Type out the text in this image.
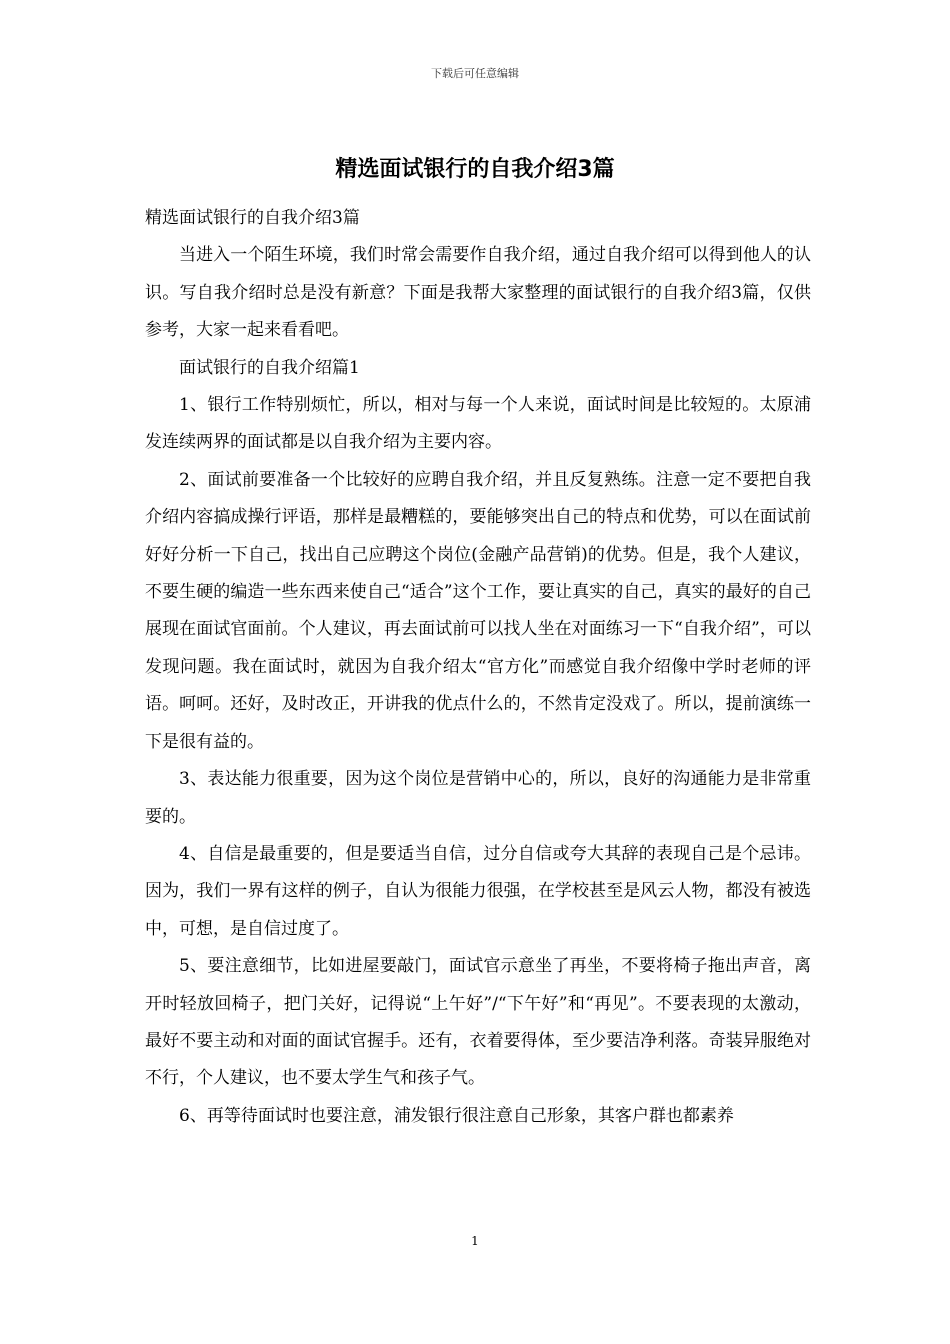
下载后可任意编辑
精选面试银行的自我介绍3篇

精选面试银行的自我介绍3篇

当进入一个陌生环境，我们时常会需要作自我介绍，通过自我介绍可以得到他人的认识。写自我介绍时总是没有新意？下面是我帮大家整理的面试银行的自我介绍3篇，仅供参考，大家一起来看看吧。

面试银行的自我介绍篇1

1、银行工作特别烦忙，所以，相对与每一个人来说，面试时间是比较短的。太原浦发连续两界的面试都是以自我介绍为主要内容。

2、面试前要准备一个比较好的应聘自我介绍，并且反复熟练。注意一定不要把自我介绍内容搞成操行评语，那样是最糟糕的，要能够突出自己的特点和优势，可以在面试前好好分析一下自己，找出自己应聘这个岗位(金融产品营销)的优势。但是，我个人建议，不要生硬的编造一些东西来使自己“适合”这个工作，要让真实的自己，真实的最好的自己展现在面试官面前。个人建议，再去面试前可以找人坐在对面练习一下“自我介绍”，可以发现问题。我在面试时，就因为自我介绍太“官方化”而感觉自我介绍像中学时老师的评语。呵呵。还好，及时改正，开讲我的优点什么的，不然肯定没戏了。所以，提前演练一下是很有益的。

3、表达能力很重要，因为这个岗位是营销中心的，所以，良好的沟通能力是非常重要的。

4、自信是最重要的，但是要适当自信，过分自信或夸大其辞的表现自己是个忌讳。因为，我们一界有这样的例子，自认为很能力很强，在学校甚至是风云人物，都没有被选中，可想，是自信过度了。

5、要注意细节，比如进屋要敲门，面试官示意坐了再坐，不要将椅子拖出声音，离开时轻放回椅子，把门关好，记得说“上午好”/“下午好”和“再见”。不要表现的太激动，最好不要主动和对面的面试官握手。还有，衣着要得体，至少要洁净利落。奇装异服绝对不行，个人建议，也不要太学生气和孩子气。

6、再等待面试时也要注意，浦发银行很注意自己形象，其客户群也都素养

1
